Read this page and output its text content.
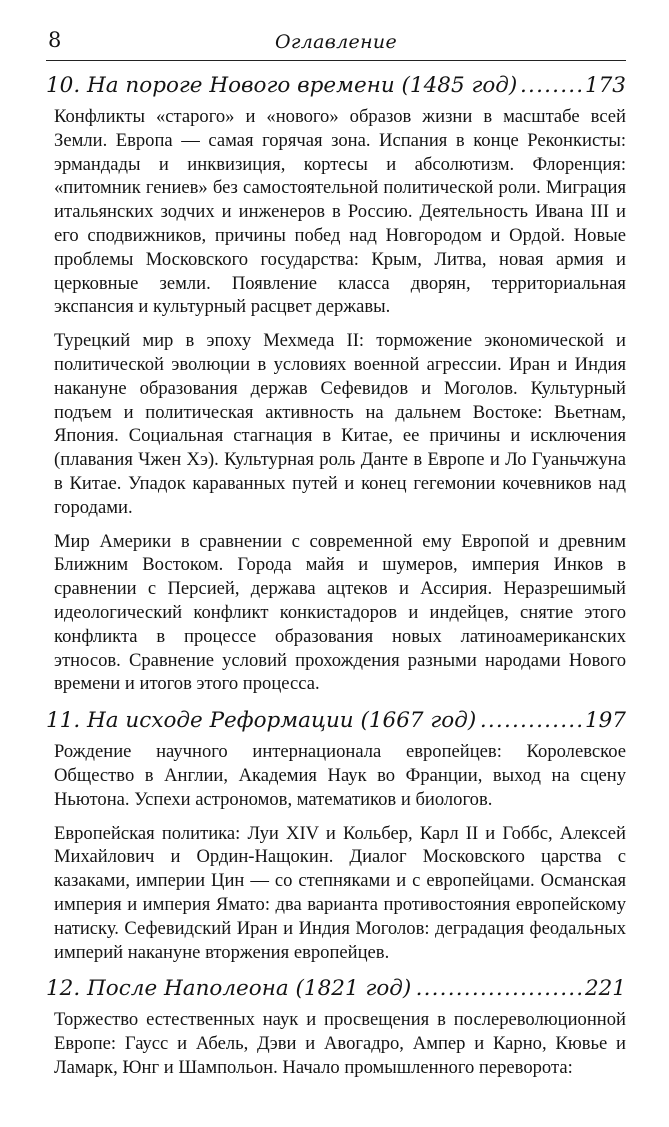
8	Оглавление
10. На пороге Нового времени (1485 год)	173

Конфликты «старого» и «нового» образов жизни в масштабе всей Земли. Европа — самая горячая зона. Испания в конце Реконкисты: эрмандады и инквизиция, кортесы и абсолютизм. Флоренция: «питомник гениев» без самостоятельной политической роли. Миграция итальянских зодчих и инженеров в Россию. Деятельность Ивана III и его сподвижников, причины побед над Новгородом и Ордой. Новые проблемы Московского государства: Крым, Литва, новая армия и церковные земли. Появление класса дворян, территориальная экспансия и культурный расцвет державы.

Турецкий мир в эпоху Мехмеда II: торможение экономической и политической эволюции в условиях военной агрессии. Иран и Индия накануне образования держав Сефевидов и Моголов. Культурный подъем и политическая активность на дальнем Востоке: Вьетнам, Япония. Социальная стагнация в Китае, ее причины и исключения (плавания Чжен Хэ). Культурная роль Данте в Европе и Ло Гуаньчжуна в Китае. Упадок караванных путей и конец гегемонии кочевников над городами.

Мир Америки в сравнении с современной ему Европой и древним Ближним Востоком. Города майя и шумеров, империя Инков в сравнении с Персией, держава ацтеков и Ассирия. Неразрешимый идеологический конфликт конкистадоров и индейцев, снятие этого конфликта в процессе образования новых латиноамериканских этносов. Сравнение условий прохождения разными народами Нового времени и итогов этого процесса.

11. На исходе Реформации (1667 год)	197

Рождение научного интернационала европейцев: Королевское Общество в Англии, Академия Наук во Франции, выход на сцену Ньютона. Успехи астрономов, математиков и биологов.

Европейская политика: Луи XIV и Кольбер, Карл II и Гоббс, Алексей Михайлович и Ордин-Нащокин. Диалог Московского царства с казаками, империи Цин — со степняками и с европейцами. Османская империя и империя Ямато: два варианта противостояния европейскому натиску. Сефевидский Иран и Индия Моголов: деградация феодальных империй накануне вторжения европейцев.

12. После Наполеона (1821 год)	221

Торжество естественных наук и просвещения в послереволюционной Европе: Гаусс и Абель, Дэви и Авогадро, Ампер и Карно, Кювье и Ламарк, Юнг и Шампольон. Начало промышленного переворота:
